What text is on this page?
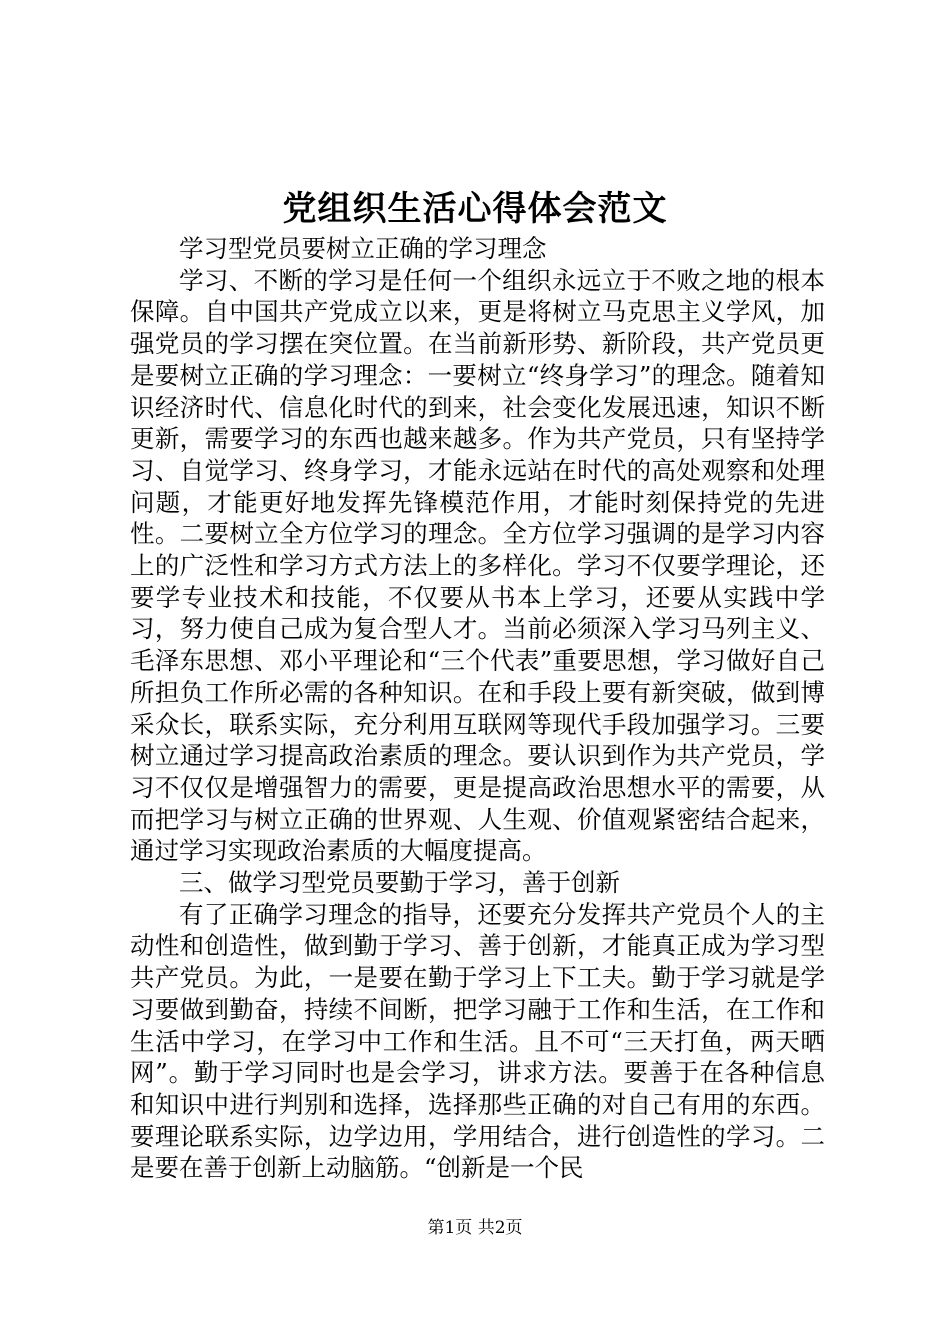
党组织生活心得体会范文

学习型党员要树立正确的学习理念

学习、不断的学习是任何一个组织永远立于不败之地的根本保障。自中国共产党成立以来，更是将树立马克思主义学风，加强党员的学习摆在突位置。在当前新形势、新阶段，共产党员更是要树立正确的学习理念：一要树立“终身学习”的理念。随着知识经济时代、信息化时代的到来，社会变化发展迅速，知识不断更新，需要学习的东西也越来越多。作为共产党员，只有坚持学习、自觉学习、终身学习，才能永远站在时代的高处观察和处理问题，才能更好地发挥先锋模范作用，才能时刻保持党的先进性。二要树立全方位学习的理念。全方位学习强调的是学习内容上的广泛性和学习方式方法上的多样化。学习不仅要学理论，还要学专业技术和技能，不仅要从书本上学习，还要从实践中学习，努力使自己成为复合型人才。当前必须深入学习马列主义、毛泽东思想、邓小平理论和“三个代表”重要思想，学习做好自己所担负工作所必需的各种知识。在和手段上要有新突破，做到博采众长，联系实际，充分利用互联网等现代手段加强学习。三要树立通过学习提高政治素质的理念。要认识到作为共产党员，学习不仅仅是增强智力的需要，更是提高政治思想水平的需要，从而把学习与树立正确的世界观、人生观、价值观紧密结合起来，通过学习实现政治素质的大幅度提高。

三、做学习型党员要勤于学习，善于创新

有了正确学习理念的指导，还要充分发挥共产党员个人的主动性和创造性，做到勤于学习、善于创新，才能真正成为学习型共产党员。为此，一是要在勤于学习上下工夫。勤于学习就是学习要做到勤奋，持续不间断，把学习融于工作和生活，在工作和生活中学习，在学习中工作和生活。且不可“三天打鱼，两天晒网”。勤于学习同时也是会学习，讲求方法。要善于在各种信息和知识中进行判别和选择，选择那些正确的对自己有用的东西。要理论联系实际，边学边用，学用结合，进行创造性的学习。二是要在善于创新上动脑筋。“创新是一个民

第1页 共2页
